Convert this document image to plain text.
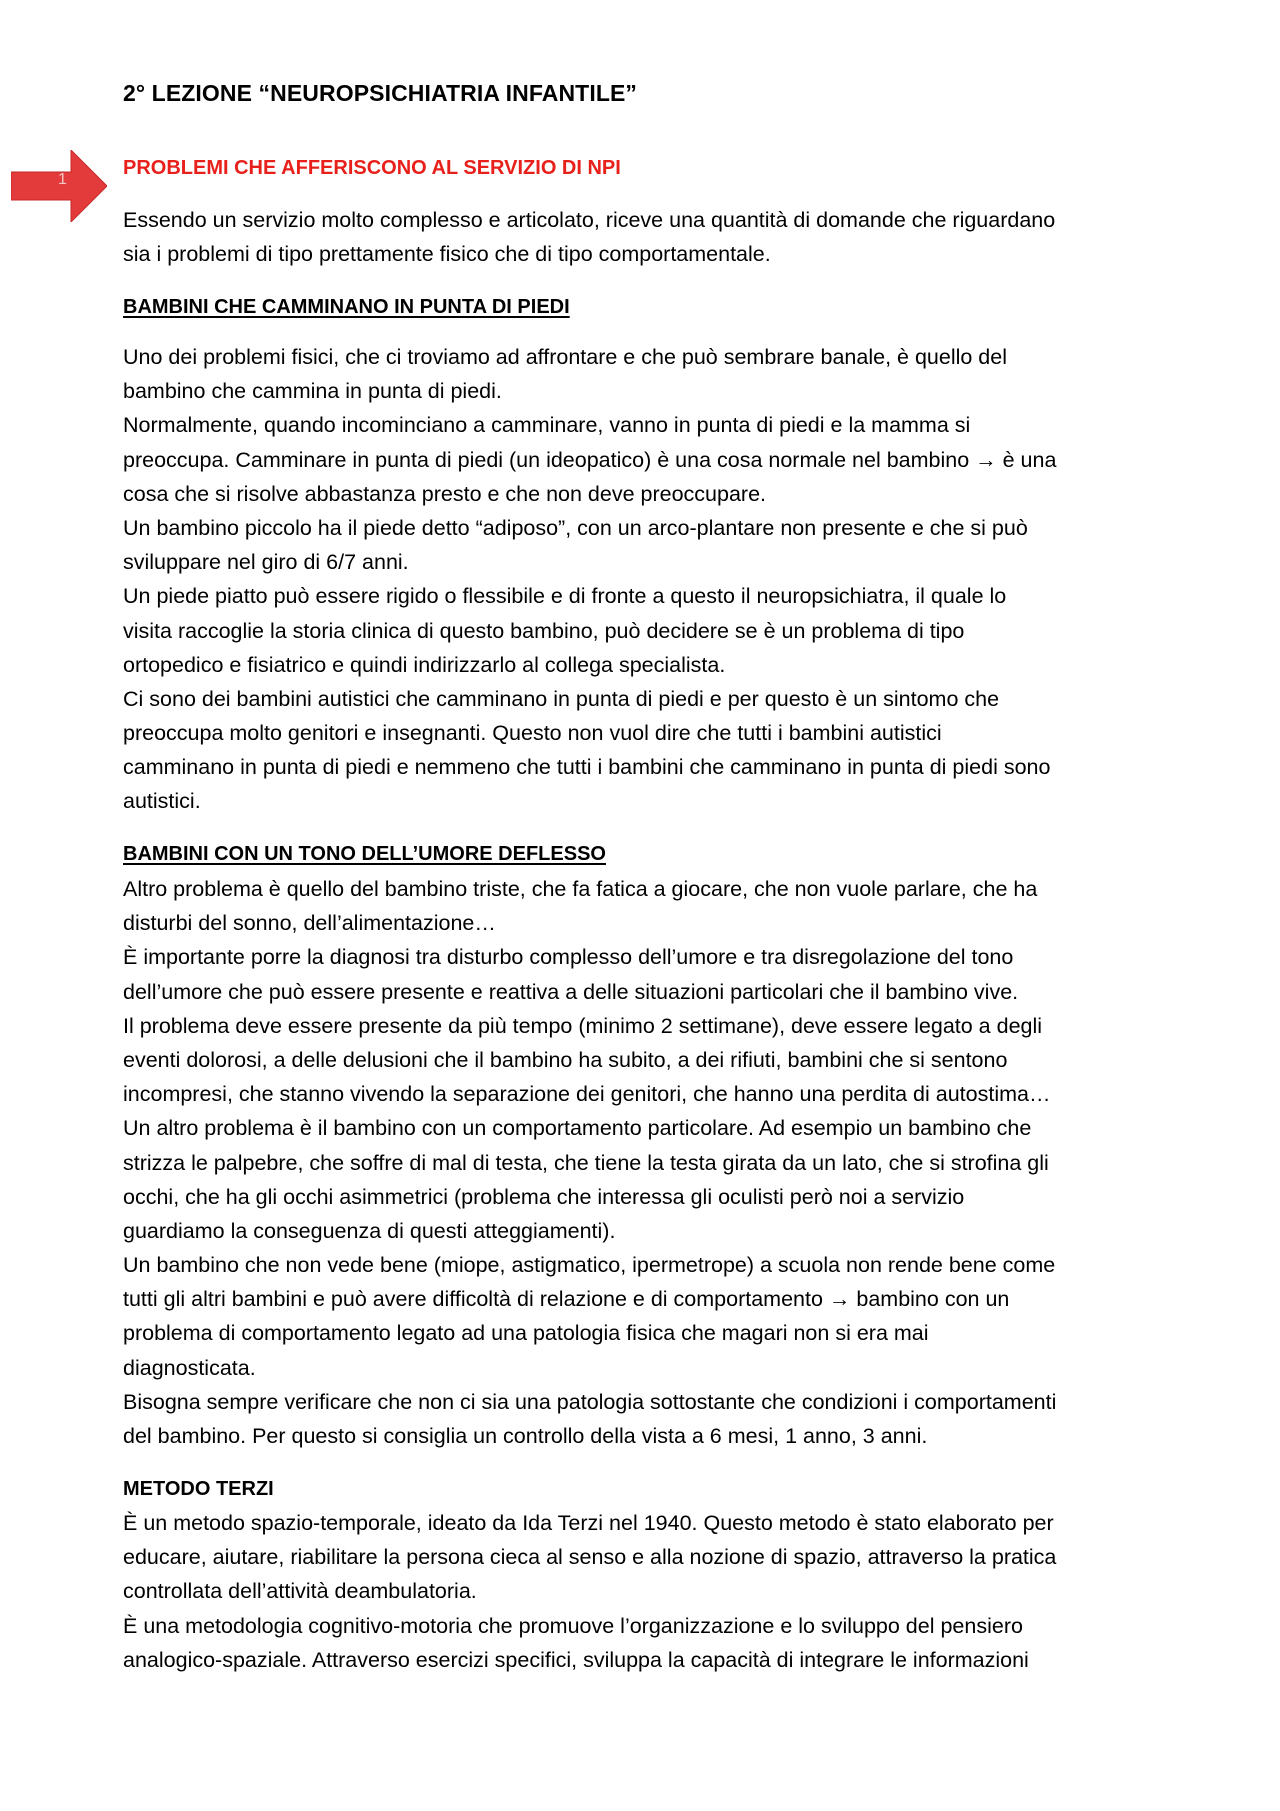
1
2° LEZIONE “NEUROPSICHIATRIA INFANTILE”
PROBLEMI CHE AFFERISCONO AL SERVIZIO DI NPI
Essendo un servizio molto complesso e articolato, riceve una quantità di domande che riguardano
sia i problemi di tipo prettamente fisico che di tipo comportamentale.
BAMBINI CHE CAMMINANO IN PUNTA DI PIEDI
Uno dei problemi fisici, che ci troviamo ad affrontare e che può sembrare banale, è quello del
bambino che cammina in punta di piedi.
Normalmente, quando incominciano a camminare, vanno in punta di piedi e la mamma si
preoccupa. Camminare in punta di piedi (un ideopatico) è una cosa normale nel bambino → è una
cosa che si risolve abbastanza presto e che non deve preoccupare.
Un bambino piccolo ha il piede detto “adiposo”, con un arco-plantare non presente e che si può
sviluppare nel giro di 6/7 anni.
Un piede piatto può essere rigido o flessibile e di fronte a questo il neuropsichiatra, il quale lo
visita raccoglie la storia clinica di questo bambino, può decidere se è un problema di tipo
ortopedico e fisiatrico e quindi indirizzarlo al collega specialista.
Ci sono dei bambini autistici che camminano in punta di piedi e per questo è un sintomo che
preoccupa molto genitori e insegnanti. Questo non vuol dire che tutti i bambini autistici
camminano in punta di piedi e nemmeno che tutti i bambini che camminano in punta di piedi sono
autistici.
BAMBINI CON UN TONO DELL’UMORE DEFLESSO
Altro problema è quello del bambino triste, che fa fatica a giocare, che non vuole parlare, che ha
disturbi del sonno, dell’alimentazione…
È importante porre la diagnosi tra disturbo complesso dell’umore e tra disregolazione del tono
dell’umore che può essere presente e reattiva a delle situazioni particolari che il bambino vive.
Il problema deve essere presente da più tempo (minimo 2 settimane), deve essere legato a degli
eventi dolorosi, a delle delusioni che il bambino ha subito, a dei rifiuti, bambini che si sentono
incompresi, che stanno vivendo la separazione dei genitori, che hanno una perdita di autostima…
Un altro problema è il bambino con un comportamento particolare. Ad esempio un bambino che
strizza le palpebre, che soffre di mal di testa, che tiene la testa girata da un lato, che si strofina gli
occhi, che ha gli occhi asimmetrici (problema che interessa gli oculisti però noi a servizio
guardiamo la conseguenza di questi atteggiamenti).
Un bambino che non vede bene (miope, astigmatico, ipermetrope) a scuola non rende bene come
tutti gli altri bambini e può avere difficoltà di relazione e di comportamento → bambino con un
problema di comportamento legato ad una patologia fisica che magari non si era mai
diagnosticata.
Bisogna sempre verificare che non ci sia una patologia sottostante che condizioni i comportamenti
del bambino. Per questo si consiglia un controllo della vista a 6 mesi, 1 anno, 3 anni.
METODO TERZI
È un metodo spazio-temporale, ideato da Ida Terzi nel 1940. Questo metodo è stato elaborato per
educare, aiutare, riabilitare la persona cieca al senso e alla nozione di spazio, attraverso la pratica
controllata dell’attività deambulatoria.
È una metodologia cognitivo-motoria che promuove l’organizzazione e lo sviluppo del pensiero
analogico-spaziale. Attraverso esercizi specifici, sviluppa la capacità di integrare le informazioni
